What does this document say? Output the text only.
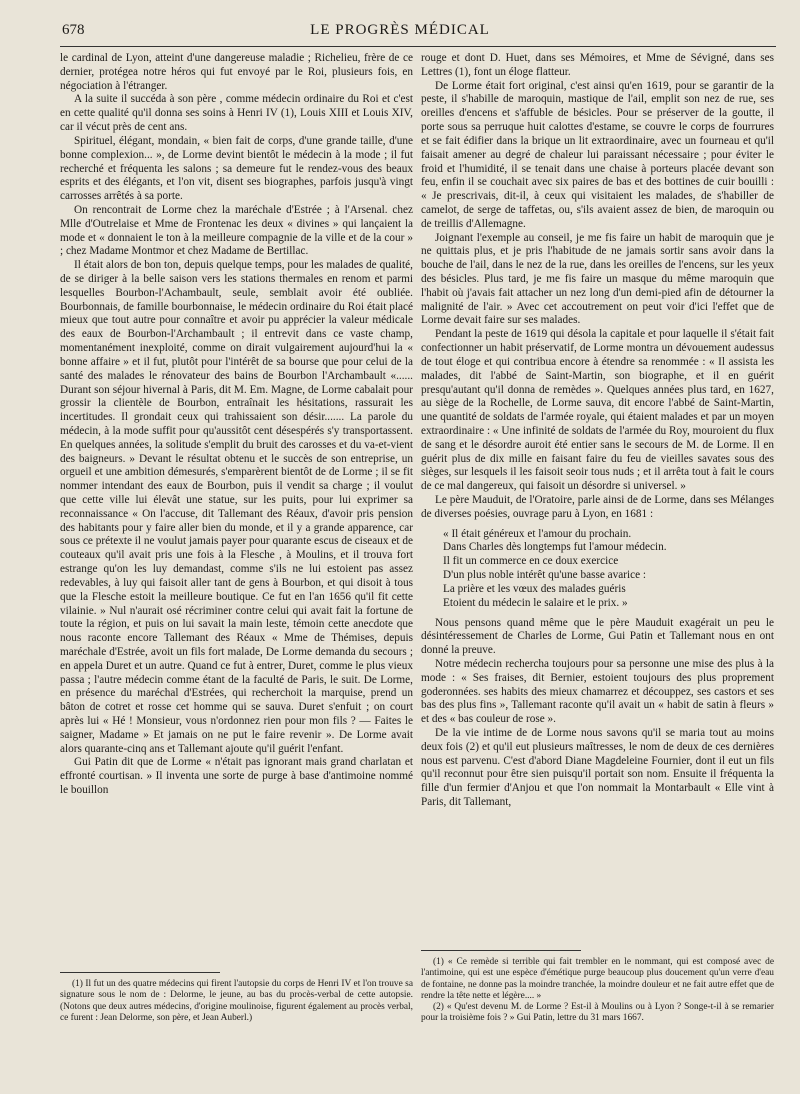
678	LE PROGRÈS MÉDICAL

le cardinal de Lyon, atteint d'une dangereuse maladie ; Richelieu, frère de ce dernier, protégea notre héros qui fut envoyé par le Roi, plusieurs fois, en négociation à l'étranger.

A la suite il succéda à son père , comme médecin ordinaire du Roi et c'est en cette qualité qu'il donna ses soins à Henri IV (1), Louis XIII et Louis XIV, car il vécut près de cent ans.

Spirituel, élégant, mondain, « bien fait de corps, d'une grande taille, d'une bonne complexion... », de Lorme devint bientôt le médecin à la mode ; il fut recherché et fréquenta les salons ; sa demeure fut le rendez-vous des beaux esprits et des élégants, et l'on vit, disent ses biographes, parfois jusqu'à vingt carrosses arrêtés à sa porte.

On rencontrait de Lorme chez la maréchale d'Estrée ; à l'Arsenal. chez Mlle d'Outrelaise et Mme de Frontenac les deux « divines » qui lançaient la mode et « donnaient le ton à la meilleure compagnie de la ville et de la cour » ; chez Madame Montmor et chez Madame de Bertillac.

Il était alors de bon ton, depuis quelque temps, pour les malades de qualité, de se diriger à la belle saison vers les stations thermales en renom et parmi lesquelles Bourbon-l'Achambault, seule, semblait avoir été oubliée. Bourbonnais, de famille bourbonnaise, le médecin ordinaire du Roi était placé mieux que tout autre pour connaître et avoir pu apprécier la valeur médicale des eaux de Bourbon-l'Archambault ; il entrevit dans ce vaste champ, momentanément inexploité, comme on dirait vulgairement aujourd'hui la « bonne affaire » et il fut, plutôt pour l'intérêt de sa bourse que pour celui de la santé des malades le rénovateur des bains de Bourbon l'Archambault «...... Durant son séjour hivernal à Paris, dit M. Em. Magne, de Lorme cabalait pour grossir la clientèle de Bourbon, entraînait les hésitations, rassurait les incertitudes. Il grondait ceux qui trahissaient son désir....... La parole du médecin, à la mode suffit pour qu'aussitôt cent désespérés s'y transportassent. En quelques années, la solitude s'emplit du bruit des carosses et du va-et-vient des baigneurs. » Devant le résultat obtenu et le succès de son entreprise, un orgueil et une ambition démesurés, s'emparèrent bientôt de de Lorme ; il se fit nommer intendant des eaux de Bourbon, puis il vendit sa charge ; il voulut que cette ville lui élevât une statue, sur les puits, pour lui exprimer sa reconnaissance « On l'accuse, dit Tallemant des Réaux, d'avoir pris pension des habitants pour y faire aller bien du monde, et il y a grande apparence, car sous ce prétexte il ne voulut jamais payer pour quarante escus de ciseaux et de couteaux qu'il avait pris une fois à la Flesche , à Moulins, et il trouva fort estrange qu'on les luy demandast, comme s'ils ne lui estoient pas assez redevables, à luy qui faisoit aller tant de gens à Bourbon, et qui disoit à tous que la Flesche estoit la meilleure boutique. Ce fut en l'an 1656 qu'il fit cette vilainie. » Nul n'aurait osé récriminer contre celui qui avait fait la fortune de toute la région, et puis on lui savait la main leste, témoin cette anecdote que nous raconte encore Tallemant des Réaux « Mme de Thémises, depuis maréchale d'Estrée, avoit un fils fort malade, De Lorme demanda du secours ; en appela Duret et un autre. Quand ce fut à entrer, Duret, comme le plus vieux passa ; l'autre médecin comme étant de la faculté de Paris, le suit. De Lorme, en présence du maréchal d'Estrées, qui recherchoit la marquise, prend un bâton de cotret et rosse cet homme qui se sauva. Duret s'enfuit ; on court après lui « Hé ! Monsieur, vous n'ordonnez rien pour mon fils ? — Faites le saigner, Madame » Et jamais on ne put le faire revenir ». De Lorme avait alors quarante-cinq ans et Tallemant ajoute qu'il guérit l'enfant.

Gui Patin dit que de Lorme « n'était pas ignorant mais grand charlatan et effronté courtisan. » Il inventa une sorte de purge à base d'antimoine nommé le bouillon

rouge et dont D. Huet, dans ses Mémoires, et Mme de Sévigné, dans ses Lettres (1), font un éloge flatteur.

De Lorme était fort original, c'est ainsi qu'en 1619, pour se garantir de la peste, il s'habille de maroquin, mastique de l'ail, emplit son nez de rue, ses oreilles d'encens et s'affuble de bésicles. Pour se préserver de la goutte, il porte sous sa perruque huit calottes d'estame, se couvre le corps de fourrures et se fait édifier dans la brique un lit extraordinaire, avec un fourneau et qu'il faisait amener au degré de chaleur lui paraissant nécessaire ; pour éviter le froid et l'humidité, il se tenait dans une chaise à porteurs placée devant son feu, enfin il se couchait avec six paires de bas et des bottines de cuir bouilli : « Je prescrivais, dit-il, à ceux qui visitaient les malades, de s'habiller de camelot, de serge de taffetas, ou, s'ils avaient assez de bien, de maroquin ou de treillis d'Allemagne.

Joignant l'exemple au conseil, je me fis faire un habit de maroquin que je ne quittais plus, et je pris l'habitude de ne jamais sortir sans avoir dans la bouche de l'ail, dans le nez de la rue, dans les oreilles de l'encens, sur les yeux des bésicles. Plus tard, je me fis faire un masque du même maroquin que l'habit où j'avais fait attacher un nez long d'un demi-pied afin de détourner la malignité de l'air. » Avec cet accoutrement on peut voir d'ici l'effet que de Lorme devait faire sur ses malades.

Pendant la peste de 1619 qui désola la capitale et pour laquelle il s'était fait confectionner un habit préservatif, de Lorme montra un dévouement audessus de tout éloge et qui contribua encore à étendre sa renommée : « Il assista les malades, dit l'abbé de Saint-Martin, son biographe, et il en guérit presqu'autant qu'il donna de remèdes ». Quelques années plus tard, en 1627, au siège de la Rochelle, de Lorme sauva, dit encore l'abbé de Saint-Martin, une quantité de soldats de l'armée royale, qui étaient malades et par un moyen extraordinaire : « Une infinité de soldats de l'armée du Roy, mouroient du flux de sang et le désordre auroit été entier sans le secours de M. de Lorme. Il en guérit plus de dix mille en faisant faire du feu de vieilles savates sous des sièges, sur lesquels il les faisoit seoir tous nuds ; et il arrêta tout à fait le cours de ce mal dangereux, qui faisoit un désordre si universel. »

Le père Mauduit, de l'Oratoire, parle ainsi de de Lorme, dans ses Mélanges de diverses poésies, ouvrage paru à Lyon, en 1681 :

« Il était généreux et l'amour du prochain.
Dans Charles dès longtemps fut l'amour médecin.
Il fit un commerce en ce doux exercice
D'un plus noble intérêt qu'une basse avarice :
La prière et les vœux des malades guéris
Etoient du médecin le salaire et le prix. »

Nous pensons quand même que le père Mauduit exagérait un peu le désintéressement de Charles de Lorme, Gui Patin et Tallemant nous en ont donné la preuve.

Notre médecin rechercha toujours pour sa personne une mise des plus à la mode : « Ses fraises, dit Bernier, estoient toujours des plus proprement goderonnées. ses habits des mieux chamarrez et découppez, ses castors et ses bas des plus fins », Tallemant raconte qu'il avait un « habit de satin à fleurs » et des « bas couleur de rose ».

De la vie intime de de Lorme nous savons qu'il se maria tout au moins deux fois (2) et qu'il eut plusieurs maîtresses, le nom de deux de ces dernières nous est parvenu. C'est d'abord Diane Magdeleine Fournier, dont il eut un fils qu'il reconnut pour être sien puisqu'il portait son nom. Ensuite il fréquenta la fille d'un fermier d'Anjou et que l'on nommait la Montarbault « Elle vint à Paris, dit Tallemant,

(1) Il fut un des quatre médecins qui firent l'autopsie du corps de Henri IV et l'on trouve sa signature sous le nom de : Delorme, le jeune, au bas du procès-verbal de cette autopsie. (Notons que deux autres médecins, d'origine moulinoise, figurent également au procès verbal, ce furent : Jean Delorme, son père, et Jean Auberl.)

(1) « Ce remède si terrible qui fait trembler en le nommant, qui est composé avec de l'antimoine, qui est une espèce d'émétique purge beaucoup plus doucement qu'un verre d'eau de fontaine, ne donne pas la moindre tranchée, la moindre douleur et ne fait autre effet que de rendre la tête nette et légère.... »

(2) « Qu'est devenu M. de Lorme ? Est-il à Moulins ou à Lyon ? Songe-t-il à se remarier pour la troisième fois ? » Gui Patin, lettre du 31 mars 1667.
